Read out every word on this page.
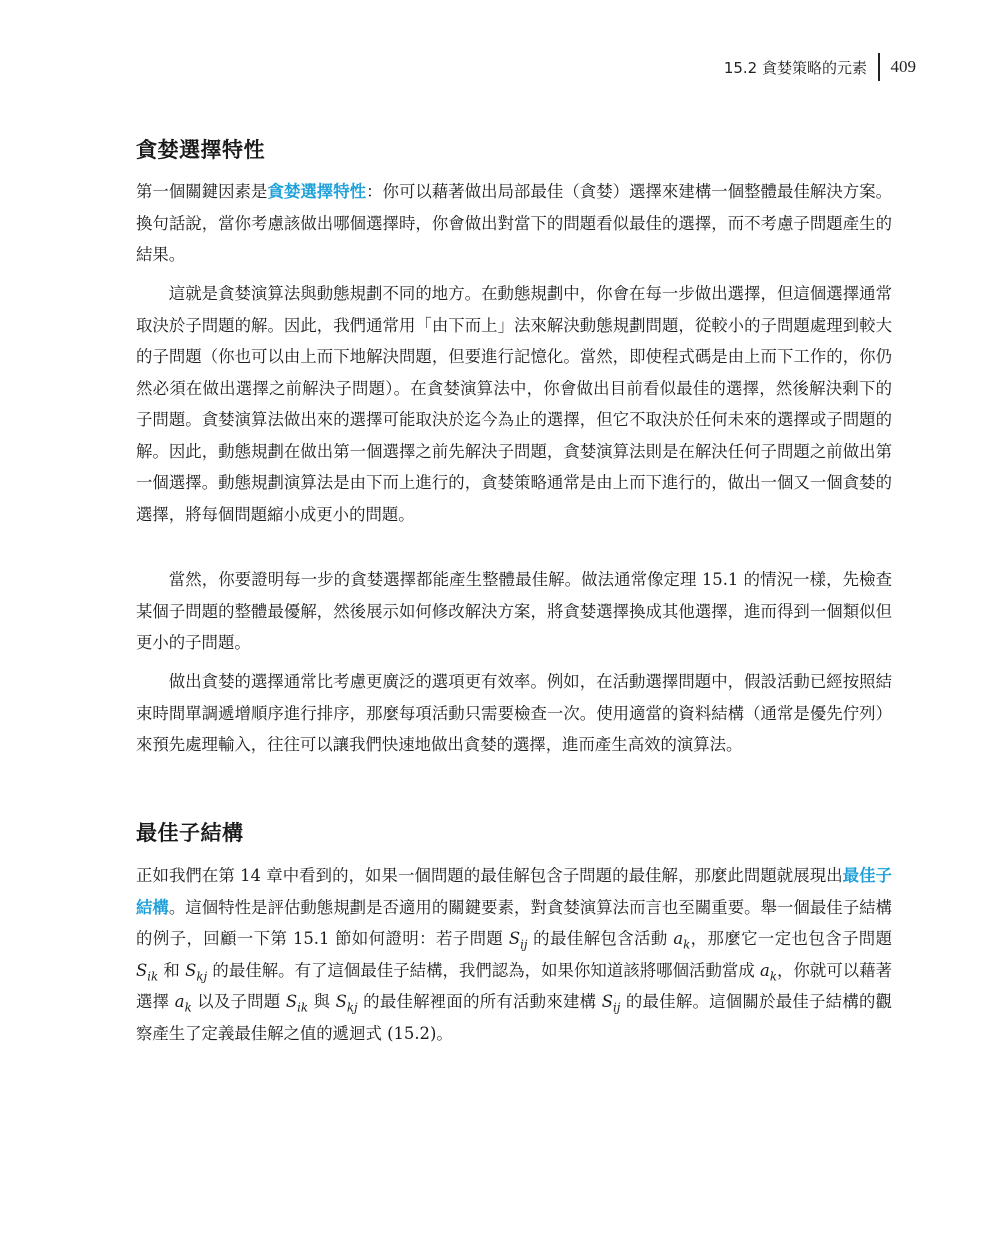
15.2 貪婪策略的元素 409
貪婪選擇特性

第一個關鍵因素是貪婪選擇特性：你可以藉著做出局部最佳（貪婪）選擇來建構一個整體最佳解決方案。換句話說，當你考慮該做出哪個選擇時，你會做出對當下的問題看似最佳的選擇，而不考慮子問題產生的結果。

這就是貪婪演算法與動態規劃不同的地方。在動態規劃中，你會在每一步做出選擇，但這個選擇通常取決於子問題的解。因此，我們通常用「由下而上」法來解決動態規劃問題，從較小的子問題處理到較大的子問題（你也可以由上而下地解決問題，但要進行記憶化。當然，即使程式碼是由上而下工作的，你仍然必須在做出選擇之前解決子問題）。在貪婪演算法中，你會做出目前看似最佳的選擇，然後解決剩下的子問題。貪婪演算法做出來的選擇可能取決於迄今為止的選擇，但它不取決於任何未來的選擇或子問題的解。因此，動態規劃在做出第一個選擇之前先解決子問題，貪婪演算法則是在解決任何子問題之前做出第一個選擇。動態規劃演算法是由下而上進行的，貪婪策略通常是由上而下進行的，做出一個又一個貪婪的選擇，將每個問題縮小成更小的問題。

當然，你要證明每一步的貪婪選擇都能產生整體最佳解。做法通常像定理 15.1 的情況一樣，先檢查某個子問題的整體最優解，然後展示如何修改解決方案，將貪婪選擇換成其他選擇，進而得到一個類似但更小的子問題。

做出貪婪的選擇通常比考慮更廣泛的選項更有效率。例如，在活動選擇問題中，假設活動已經按照結束時間單調遞增順序進行排序，那麼每項活動只需要檢查一次。使用適當的資料結構（通常是優先佇列）來預先處理輸入，往往可以讓我們快速地做出貪婪的選擇，進而產生高效的演算法。

最佳子結構

正如我們在第 14 章中看到的，如果一個問題的最佳解包含子問題的最佳解，那麼此問題就展現出最佳子結構。這個特性是評估動態規劃是否適用的關鍵要素，對貪婪演算法而言也至關重要。舉一個最佳子結構的例子，回顧一下第 15.1 節如何證明：若子問題 $S_{ij}$ 的最佳解包含活動 $a_k$，那麼它一定也包含子問題 $S_{ik}$ 和 $S_{kj}$ 的最佳解。有了這個最佳子結構，我們認為，如果你知道該將哪個活動當成 $a_k$，你就可以藉著選擇 $a_k$ 以及子問題 $S_{ik}$ 與 $S_{kj}$ 的最佳解裡面的所有活動來建構 $S_{ij}$ 的最佳解。這個關於最佳子結構的觀察產生了定義最佳解之值的遞迴式 (15.2)。
